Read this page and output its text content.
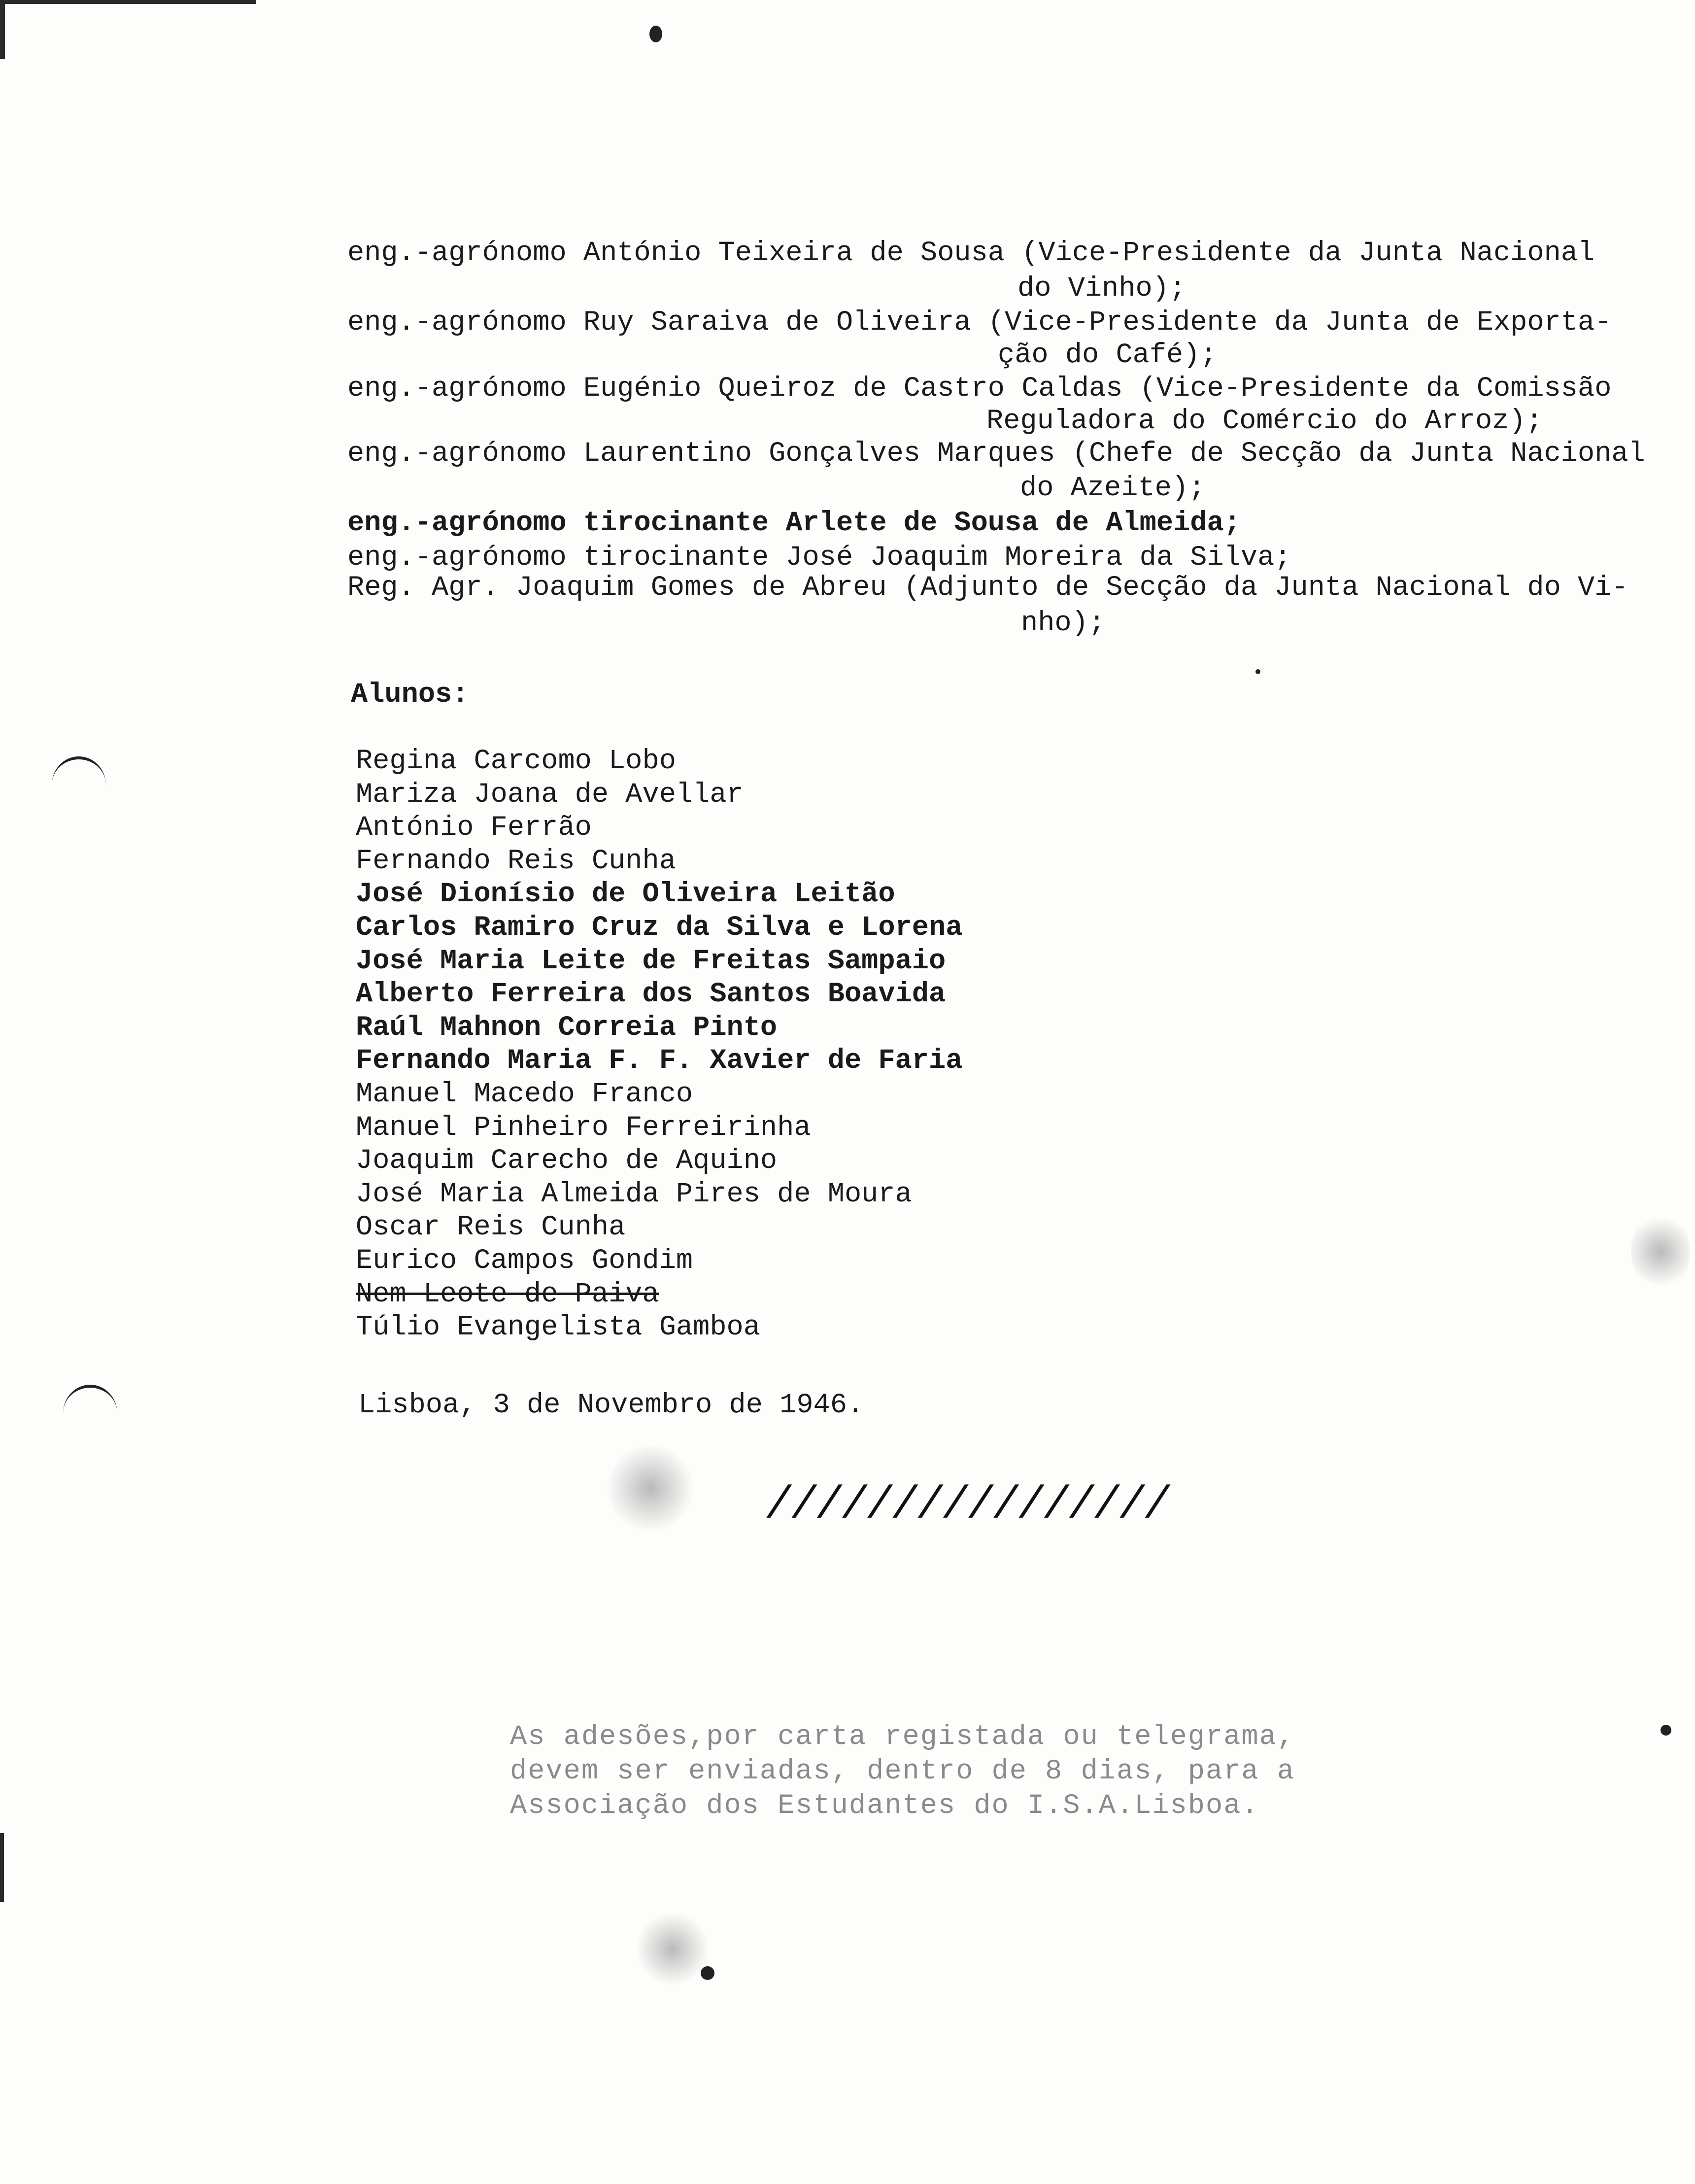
eng.-agrónomo António Teixeira de Sousa (Vice-Presidente da Junta Nacional

do Vinho);

eng.-agrónomo Ruy Saraiva de Oliveira (Vice-Presidente da Junta de Exporta-

ção do Café);

eng.-agrónomo Eugénio Queiroz de Castro Caldas (Vice-Presidente da Comissão

Reguladora do Comércio do Arroz);

eng.-agrónomo Laurentino Gonçalves Marques (Chefe de Secção da Junta Nacional

do Azeite);

eng.-agrónomo tirocinante Arlete de Sousa de Almeida;

eng.-agrónomo tirocinante José Joaquim Moreira da Silva;

Reg. Agr. Joaquim Gomes de Abreu (Adjunto de Secção da Junta Nacional do Vi-

nho);

Alunos:
Regina Carcomo Lobo
Mariza Joana de Avellar
António Ferrão
Fernando Reis Cunha
José Dionísio de Oliveira Leitão
Carlos Ramiro Cruz da Silva e Lorena
José Maria Leite de Freitas Sampaio
Alberto Ferreira dos Santos Boavida
Raúl Mahnon Correia Pinto
Fernando Maria F. F. Xavier de Faria
Manuel Macedo Franco
Manuel Pinheiro Ferreirinha
Joaquim Carecho de Aquino
José Maria Almeida Pires de Moura
Oscar Reis Cunha
Eurico Campos Gondim
Nem Leote de Paiva
Túlio Evangelista Gamboa
Lisboa, 3 de Novembro de 1946.
////////////////
As adesões,por carta registada ou telegrama,
devem ser enviadas, dentro de 8 dias, para a
Associação dos Estudantes do I.S.A.Lisboa.
